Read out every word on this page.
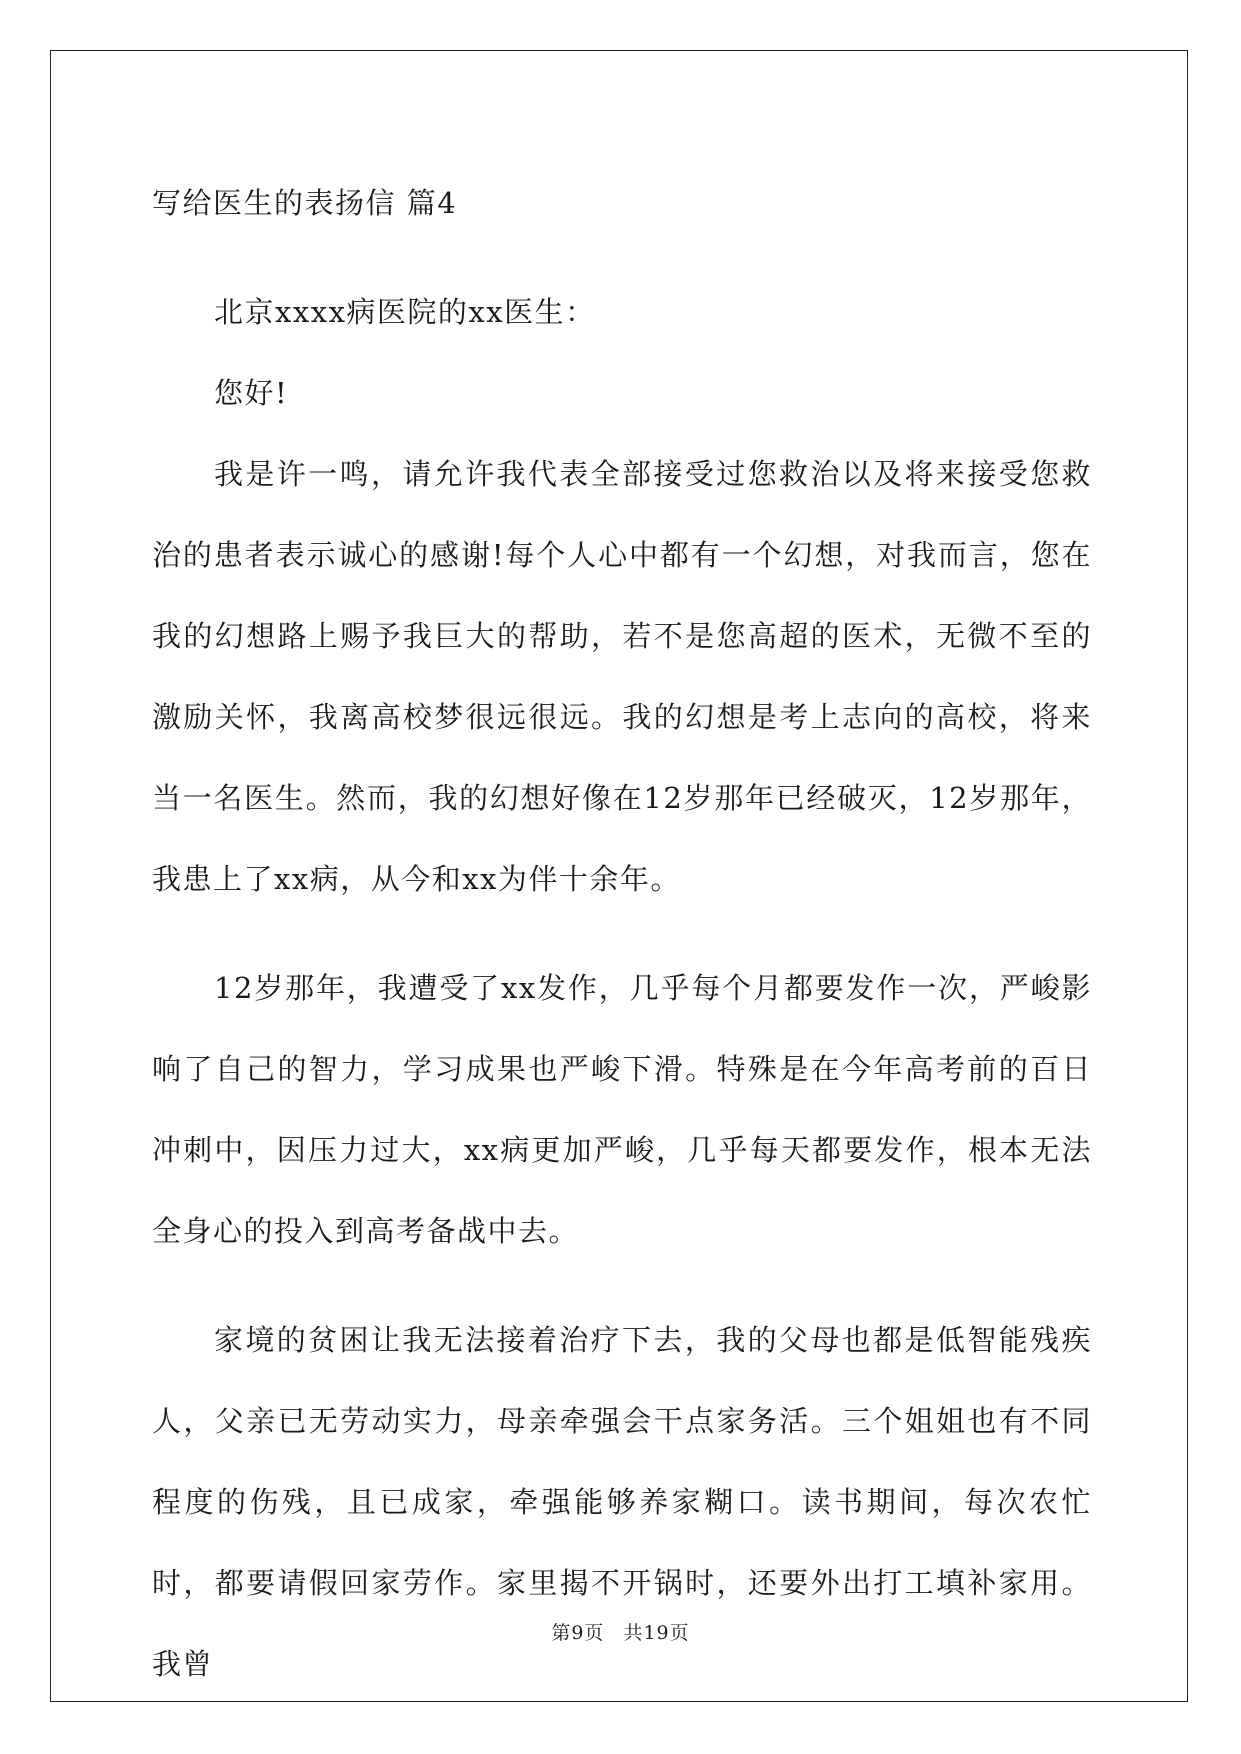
写给医生的表扬信 篇4

北京xxxx病医院的xx医生：

您好!

我是许一鸣，请允许我代表全部接受过您救治以及将来接受您救治的患者表示诚心的感谢!每个人心中都有一个幻想，对我而言，您在我的幻想路上赐予我巨大的帮助，若不是您高超的医术，无微不至的激励关怀，我离高校梦很远很远。我的幻想是考上志向的高校，将来当一名医生。然而，我的幻想好像在12岁那年已经破灭，12岁那年，我患上了xx病，从今和xx为伴十余年。

12岁那年，我遭受了xx发作，几乎每个月都要发作一次，严峻影响了自己的智力，学习成果也严峻下滑。特殊是在今年高考前的百日冲刺中，因压力过大，xx病更加严峻，几乎每天都要发作，根本无法全身心的投入到高考备战中去。

家境的贫困让我无法接着治疗下去，我的父母也都是低智能残疾人，父亲已无劳动实力，母亲牵强会干点家务活。三个姐姐也有不同程度的伤残，且已成家，牵强能够养家糊口。读书期间，每次农忙时，都要请假回家劳作。家里揭不开锅时，还要外出打工填补家用。我曾

第9页 共19页
